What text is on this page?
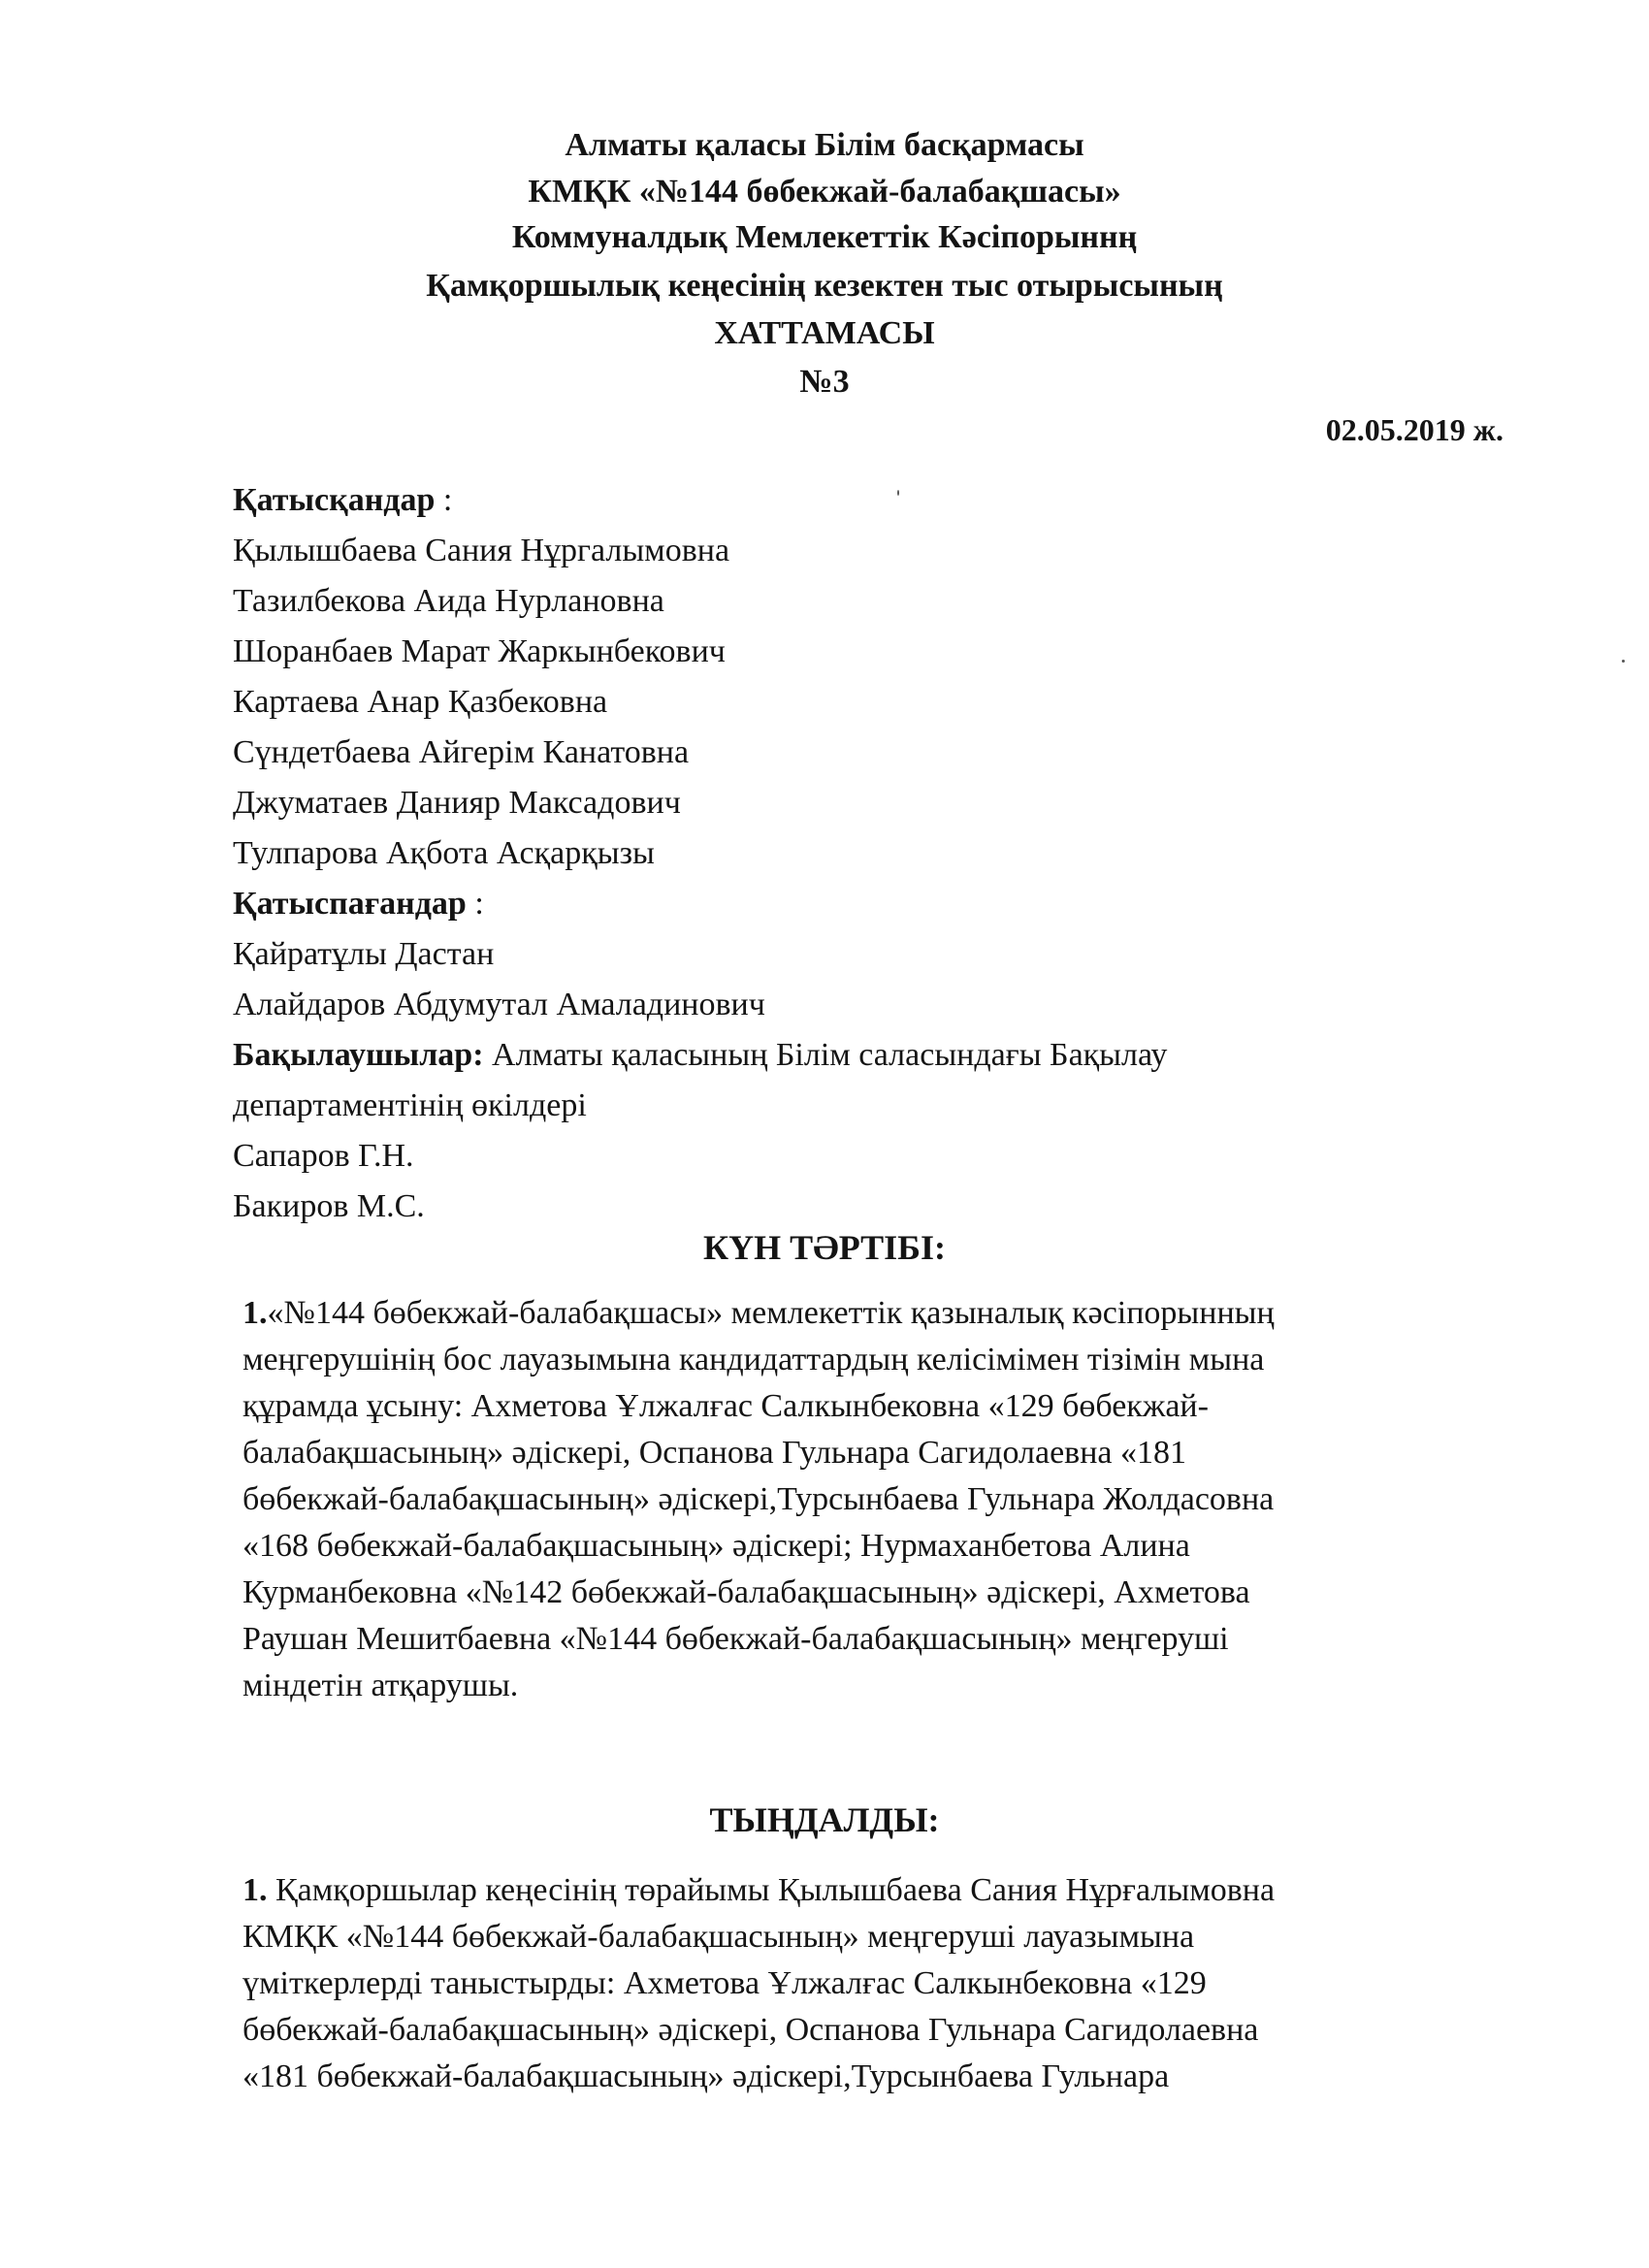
Алматы қаласы Білім басқармасы
КМҚК «№144 бөбекжай-балабақшасы»
Коммуналдық Мемлекеттік Кәсіпорыннң
Қамқоршылық кеңесінің кезектен тыс отырысының
ХАТТАМАСЫ
№3
02.05.2019 ж.
Қатысқандар :
Қылышбаева Сания Нұргалымовна
Тазилбекова Аида Нурлановна
Шоранбаев Марат Жаркынбекович
Картаева Анар Қазбековна
Сүндетбаева Айгерім Канатовна
Джуматаев Данияр Максадович
Тулпарова Ақбота Асқарқызы
Қатыспағандар :
Қайратұлы Дастан
Алайдаров Абдумутал Амаладинович
Бақылаушылар: Алматы қаласының Білім саласындағы Бақылау
департаментінің өкілдері
Сапаров Г.Н.
Бакиров М.С.
КҮН ТӘРТІБІ:
1.«№144 бөбекжай-балабақшасы» мемлекеттік қазыналық кәсіпорынның
меңгерушінің бос лауазымына кандидаттардың келісімімен тізімін мына
құрамда ұсыну: Ахметова Ұлжалғас Салкынбековна «129 бөбекжай-
балабақшасының» әдіскері, Оспанова Гульнара Сагидолаевна «181
бөбекжай-балабақшасының» әдіскері,Турсынбаева Гульнара Жолдасовна
«168 бөбекжай-балабақшасының» әдіскері; Нурмаханбетова Алина
Курманбековна «№142 бөбекжай-балабақшасының» әдіскері, Ахметова
Раушан Мешитбаевна «№144 бөбекжай-балабақшасының» меңгеруші
міндетін атқарушы.
ТЫҢДАЛДЫ:
1. Қамқоршылар кеңесінің төрайымы Қылышбаева Сания Нұрғалымовна
КМҚК «№144 бөбекжай-балабақшасының» меңгеруші лауазымына
үміткерлерді таныстырды: Ахметова Ұлжалғас Салкынбековна «129
бөбекжай-балабақшасының» әдіскері, Оспанова Гульнара Сагидолаевна
«181 бөбекжай-балабақшасының» әдіскері,Турсынбаева Гульнара
